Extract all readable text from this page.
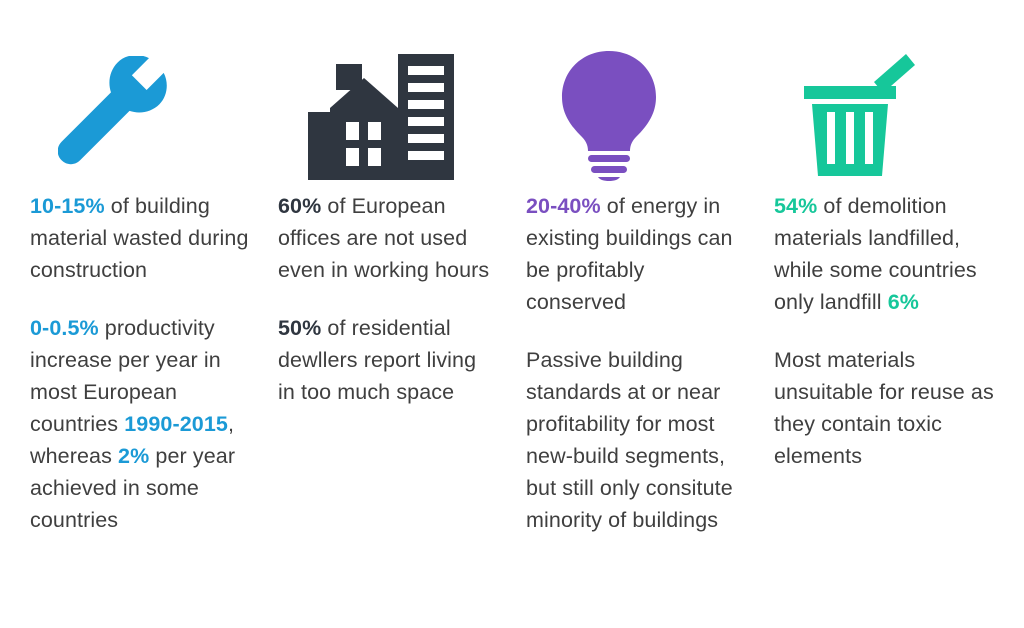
10-15% of building material wasted during construction
0-0.5% productivity increase per year in most European countries 1990-2015, whereas 2% per year achieved in some countries
60% of European offices are not used even in working hours
50% of residential dewllers report living in too much space
20-40% of energy in existing buildings can be profitably conserved
Passive building standards at or near profitability for most new-build segments, but still only consitute minority of buildings
54% of demolition materials landfilled, while some countries only landfill 6%
Most materials unsuitable for reuse as they contain toxic elements
